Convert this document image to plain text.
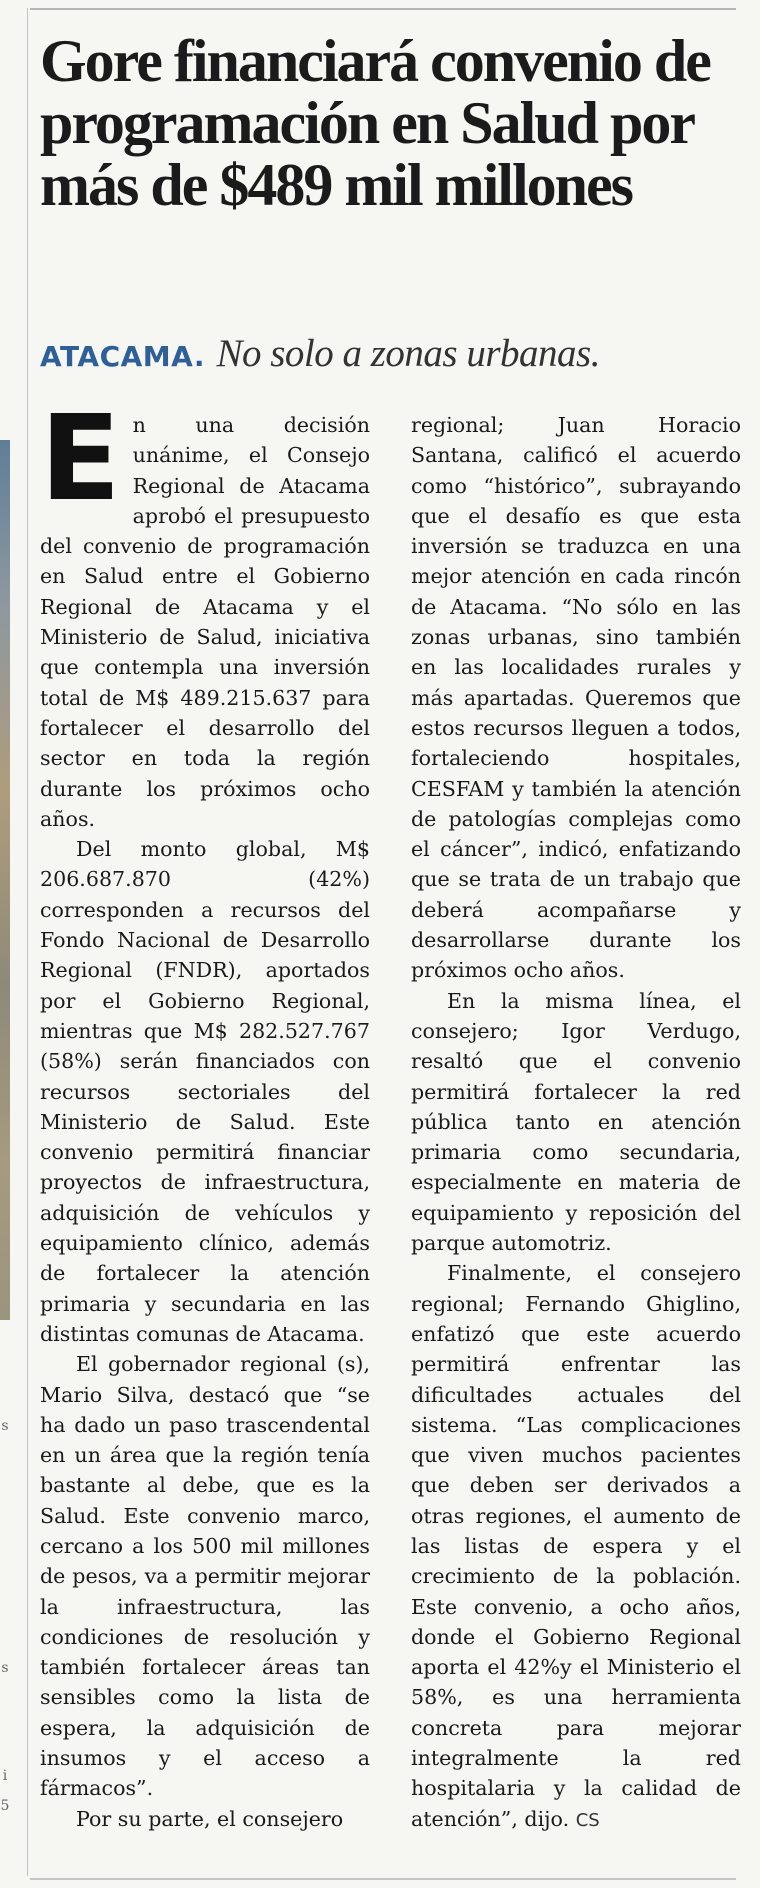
s
s
i
5
Gore financiará convenio de programación en Salud por más de $489 mil millones
ATACAMA. No solo a zonas urbanas.

En una decisión unánime, el Consejo Regional de Atacama aprobó el presupuesto del convenio de programación en Salud entre el Gobierno Regional de Atacama y el Ministerio de Salud, iniciativa que contempla una inversión total de M$ 489.215.637 para fortalecer el desarrollo del sector en toda la región durante los próximos ocho años.

Del monto global, M$ 206.687.870 (42%) corresponden a recursos del Fondo Nacional de Desarrollo Regional (FNDR), aportados por el Gobierno Regional, mientras que M$ 282.527.767 (58%) serán financiados con recursos sectoriales del Ministerio de Salud. Este convenio permitirá financiar proyectos de infraestructura, adquisición de vehículos y equipamiento clínico, además de fortalecer la atención primaria y secundaria en las distintas comunas de Atacama.

El gobernador regional (s), Mario Silva, destacó que “se ha dado un paso trascendental en un área que la región tenía bastante al debe, que es la Salud. Este convenio marco, cercano a los 500 mil millones de pesos, va a permitir mejorar la infraestructura, las condiciones de resolución y también fortalecer áreas tan sensibles como la lista de espera, la adquisición de insumos y el acceso a fármacos”.

Por su parte, el consejero

regional; Juan Horacio Santana, calificó el acuerdo como “histórico”, subrayando que el desafío es que esta inversión se traduzca en una mejor atención en cada rincón de Atacama. “No sólo en las zonas urbanas, sino también en las localidades rurales y más apartadas. Queremos que estos recursos lleguen a todos, fortaleciendo hospitales, CESFAM y también la atención de patologías complejas como el cáncer”, indicó, enfatizando que se trata de un trabajo que deberá acompañarse y desarrollarse durante los próximos ocho años.

En la misma línea, el consejero; Igor Verdugo, resaltó que el convenio permitirá fortalecer la red pública tanto en atención primaria como secundaria, especialmente en materia de equipamiento y reposición del parque automotriz.

Finalmente, el consejero regional; Fernando Ghiglino, enfatizó que este acuerdo permitirá enfrentar las dificultades actuales del sistema. “Las complicaciones que viven muchos pacientes que deben ser derivados a otras regiones, el aumento de las listas de espera y el crecimiento de la población. Este convenio, a ocho años, donde el Gobierno Regional aporta el 42%y el Ministerio el 58%, es una herramienta concreta para mejorar integralmente la red hospitalaria y la calidad de atención”, dijo. CS
